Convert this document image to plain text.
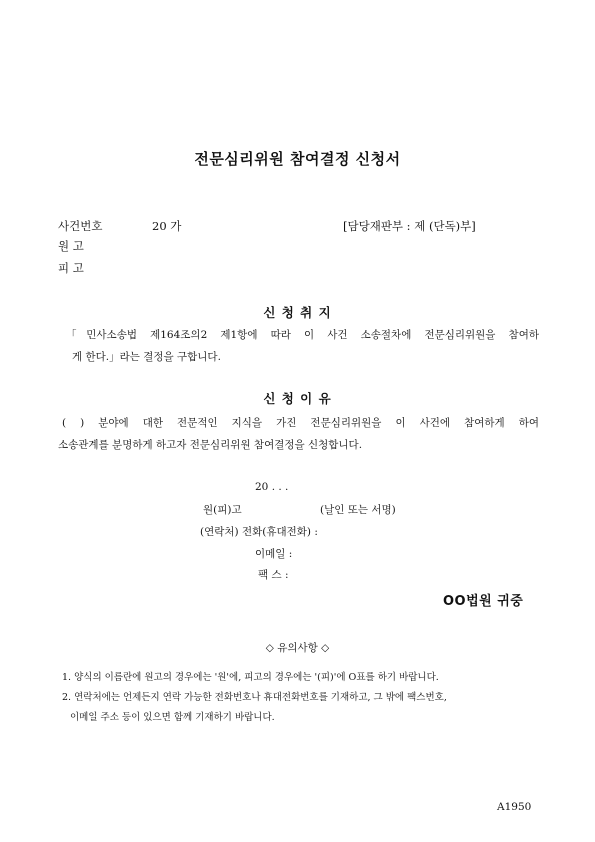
전문심리위원 참여결정 신청서
사건번호	20 가	[담당재판부 : 제 (단독)부]
원 고
피 고
신 청 취 지
「민사소송법 제164조의2 제1항에 따라 이 사건 소송절차에 전문심리위원을 참여하
게 한다.」라는 결정을 구합니다.
신 청 이 유
( ) 분야에 대한 전문적인 지식을 가진 전문심리위원을 이 사건에 참여하게 하여
소송관계를 분명하게 하고자 전문심리위원 참여결정을 신청합니다.
20 . . .
원(피)고	(날인 또는 서명)
(연락처) 전화(휴대전화) :
이메일 :
팩 스 :
OO법원 귀중
◇ 유의사항 ◇
1. 양식의 이름란에 원고의 경우에는 '원'에, 피고의 경우에는 '(피)'에 O표를 하기 바랍니다.
2. 연락처에는 언제든지 연락 가능한 전화번호나 휴대전화번호를 기재하고, 그 밖에 팩스번호,
이메일 주소 등이 있으면 함께 기재하기 바랍니다.
A1950
